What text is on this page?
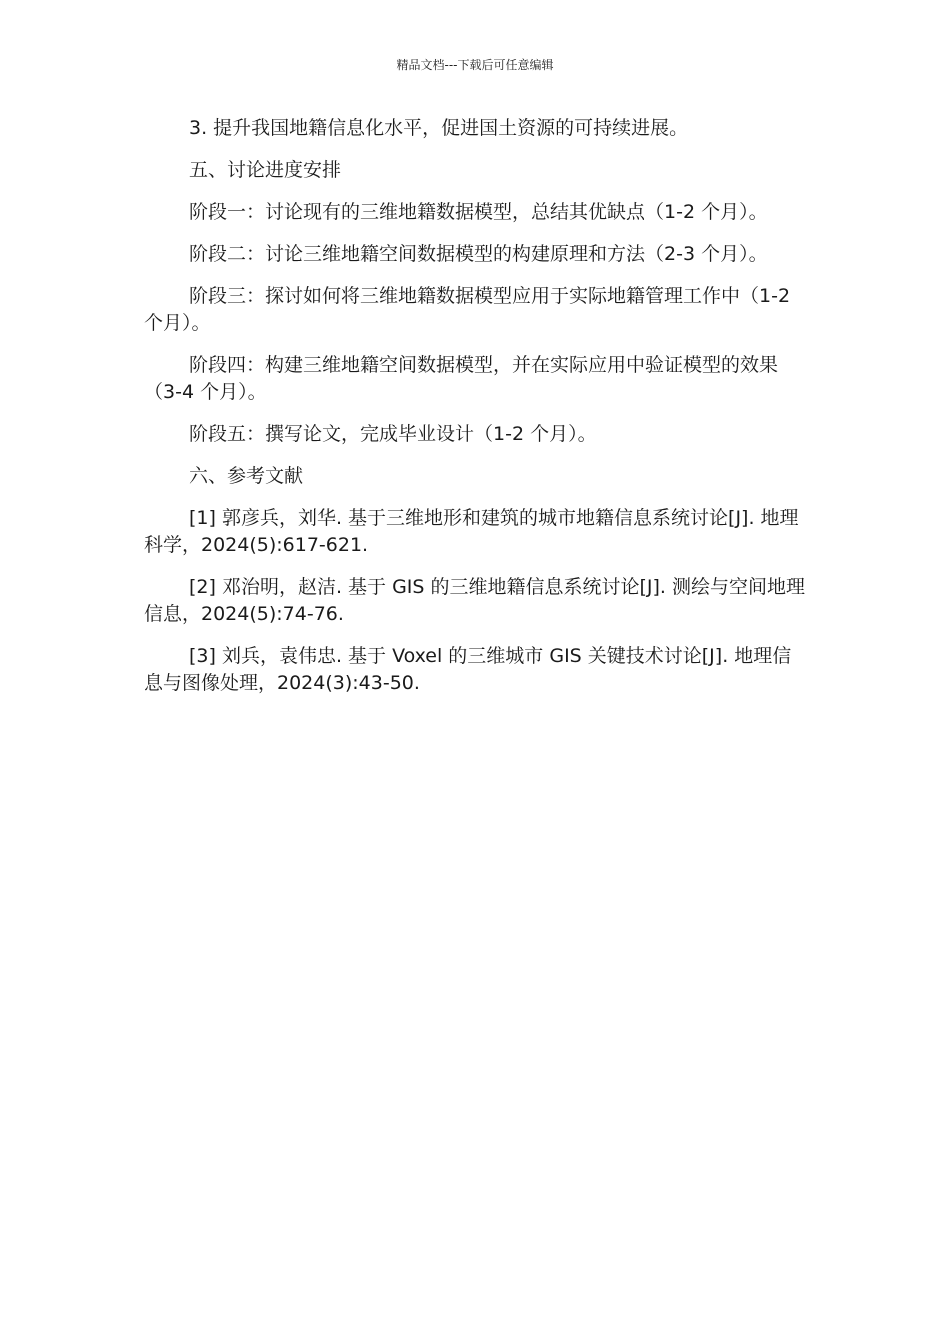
精品文档---下载后可任意编辑

3. 提升我国地籍信息化水平，促进国土资源的可持续进展。

五、讨论进度安排

阶段一：讨论现有的三维地籍数据模型，总结其优缺点（1-2 个月）。

阶段二：讨论三维地籍空间数据模型的构建原理和方法（2-3 个月）。

阶段三：探讨如何将三维地籍数据模型应用于实际地籍管理工作中（1-2 个月）。

阶段四：构建三维地籍空间数据模型，并在实际应用中验证模型的效果（3-4 个月）。

阶段五：撰写论文，完成毕业设计（1-2 个月）。

六、参考文献

[1] 郭彦兵，刘华. 基于三维地形和建筑的城市地籍信息系统讨论[J]. 地理科学，2024(5):617-621.

[2] 邓治明，赵洁. 基于 GIS 的三维地籍信息系统讨论[J]. 测绘与空间地理信息，2024(5):74-76.

[3] 刘兵，袁伟忠. 基于 Voxel 的三维城市 GIS 关键技术讨论[J]. 地理信息与图像处理，2024(3):43-50.
